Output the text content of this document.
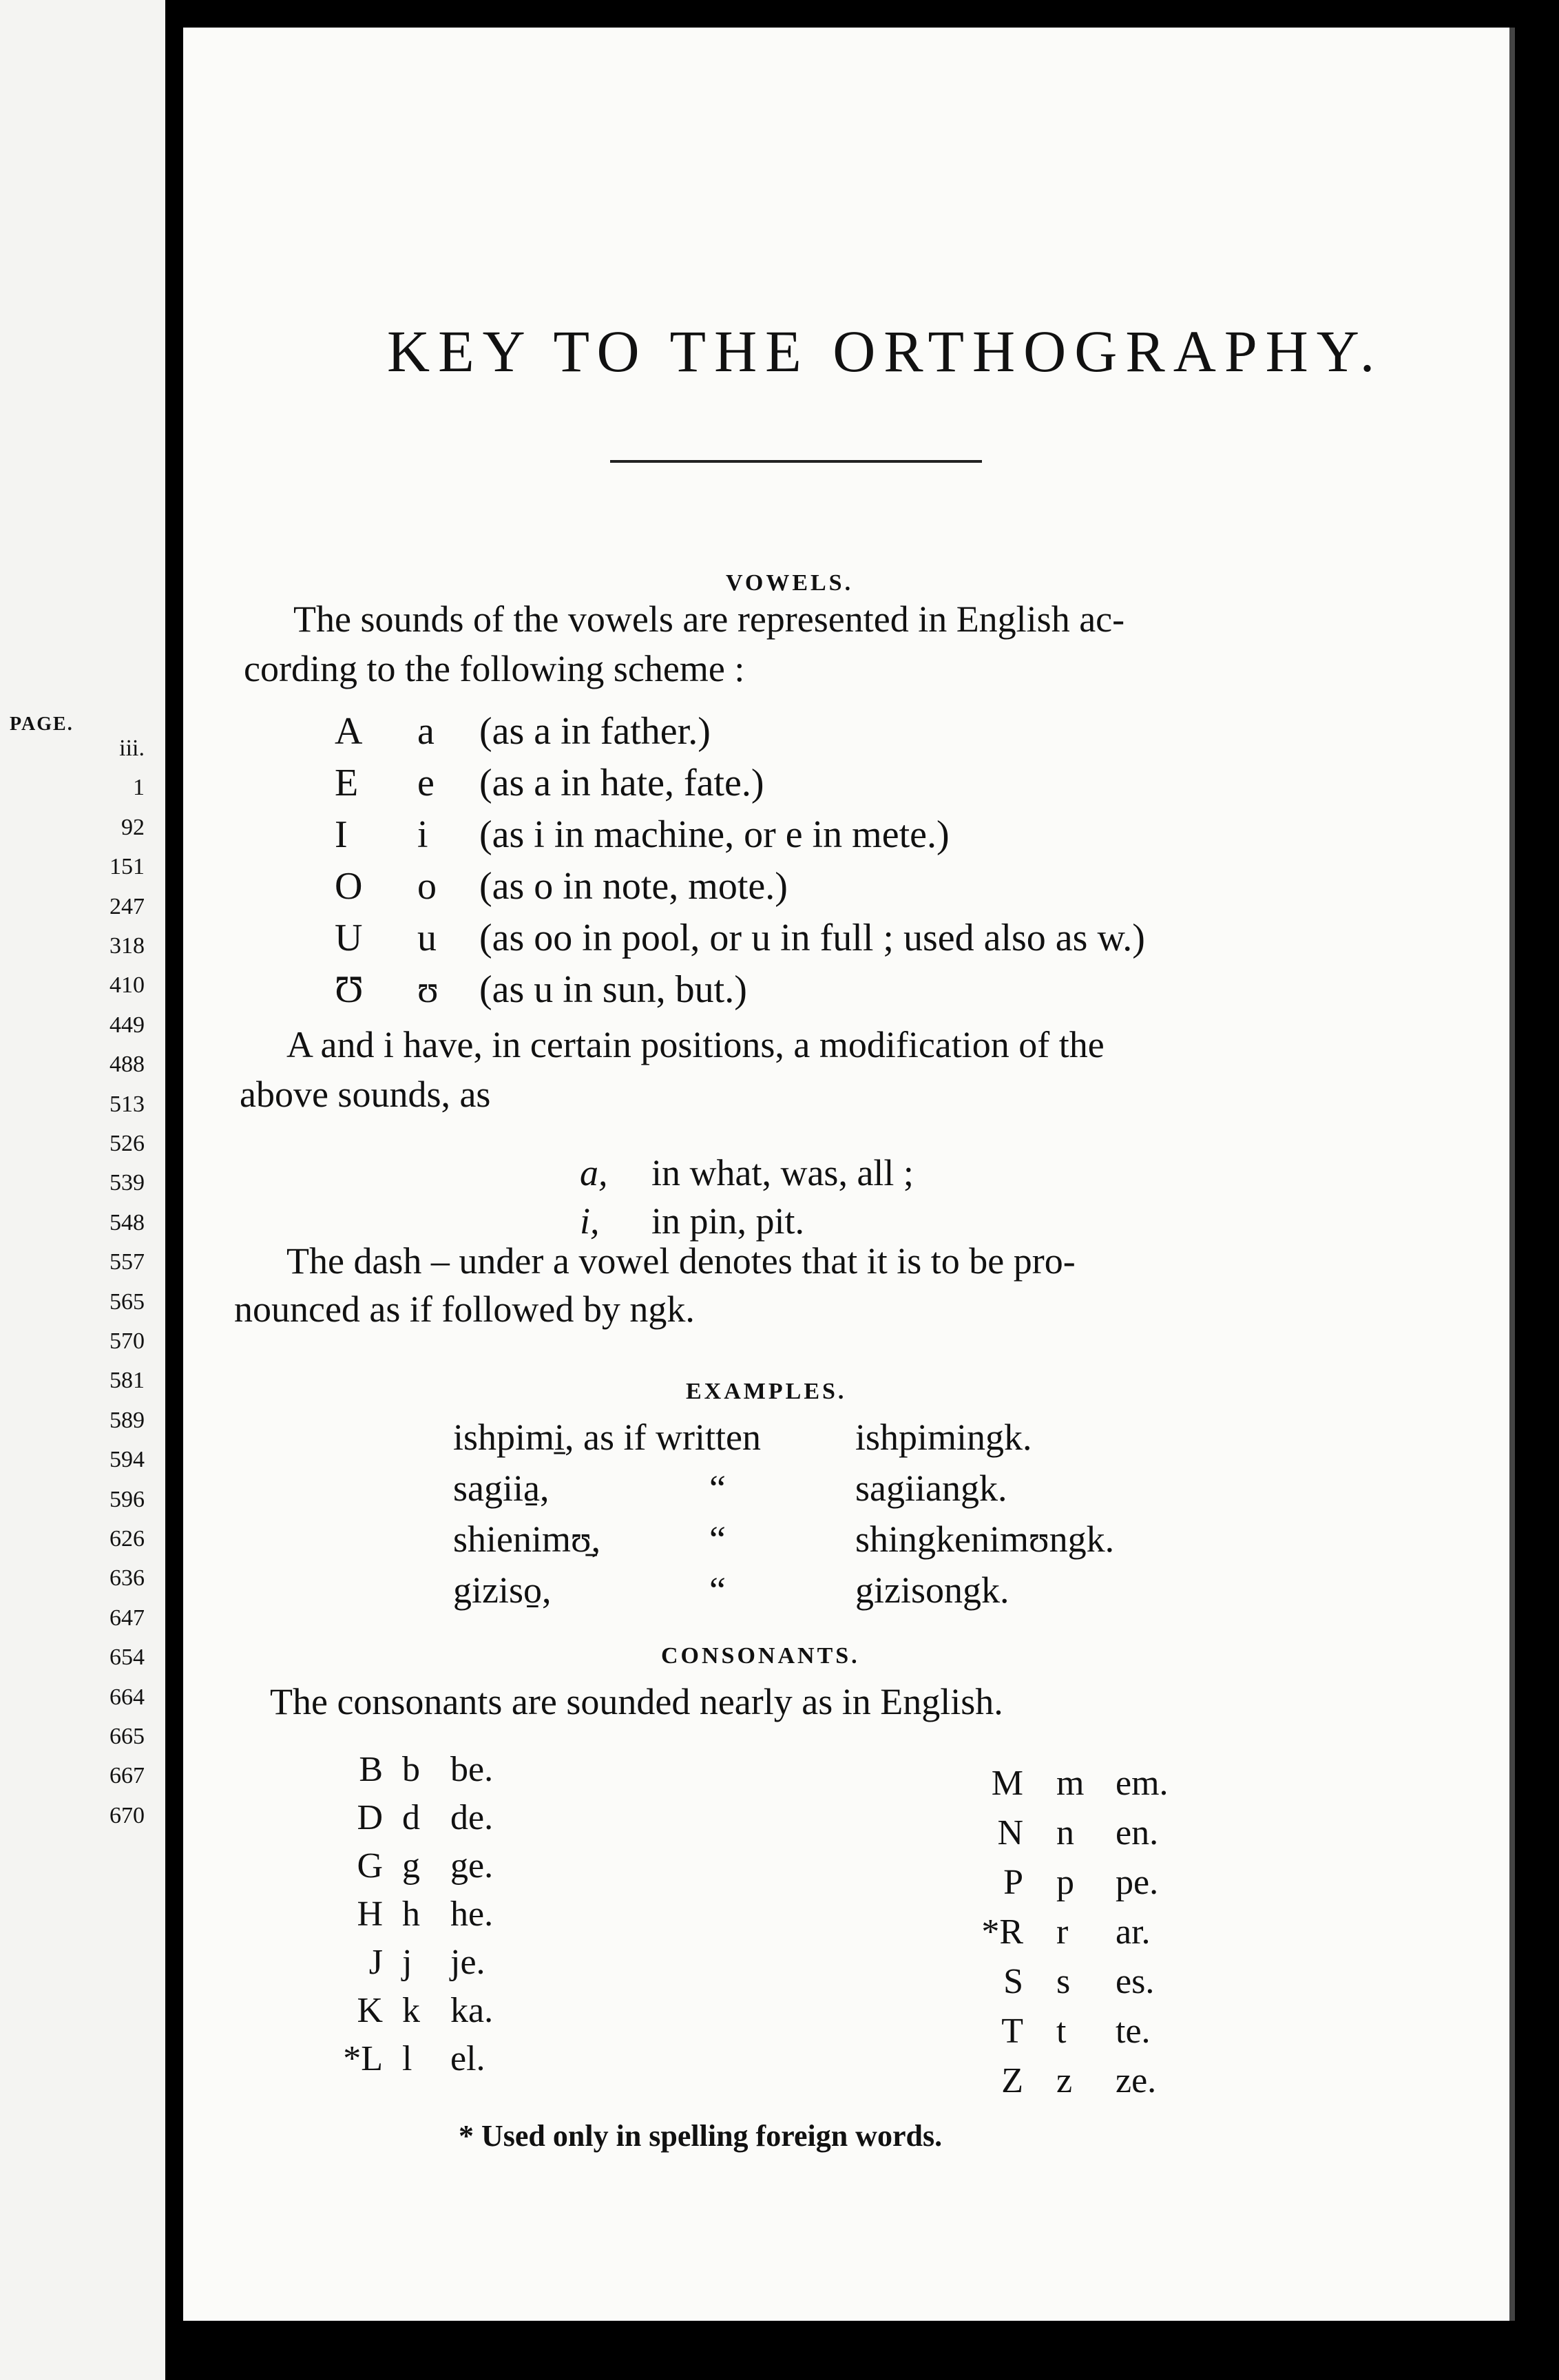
PAGE.
iii.
1
92
151
247
318
410
449
488
513
526
539
548
557
565
570
581
589
594
596
626
636
647
654
664
665
667
670
KEY TO THE ORTHOGRAPHY.
VOWELS.
The sounds of the vowels are represented in English ac-
cording to the following scheme :
A a (as a in father.)
E e (as a in hate, fate.)
I i (as i in machine, or e in mete.)
O o (as o in note, mote.)
U u (as oo in pool, or u in full ; used also as w.)
Ʊ ʊ (as u in sun, but.)
A and i have, in certain positions, a modification of the
above sounds, as
a, in what, was, all ;
i, in pin, pit.
The dash – under a vowel denotes that it is to be pro-
nounced as if followed by ngk.
EXAMPLES.
ishpimi̱, as if written	ishpimingk.
sagiia̱,	“	sagiiangk.
shienimʊ̱,	“	shingkenimʊngk.
giziso̱,	“	gizisongk.
CONSONANTS.
The consonants are sounded nearly as in English.
B b be.
D d de.
G g ge.
H h he.
J j je.
K k ka.
*L l el.
M m em.
N n en.
P p pe.
*R r ar.
S s es.
T t te.
Z z ze.
* Used only in spelling foreign words.
